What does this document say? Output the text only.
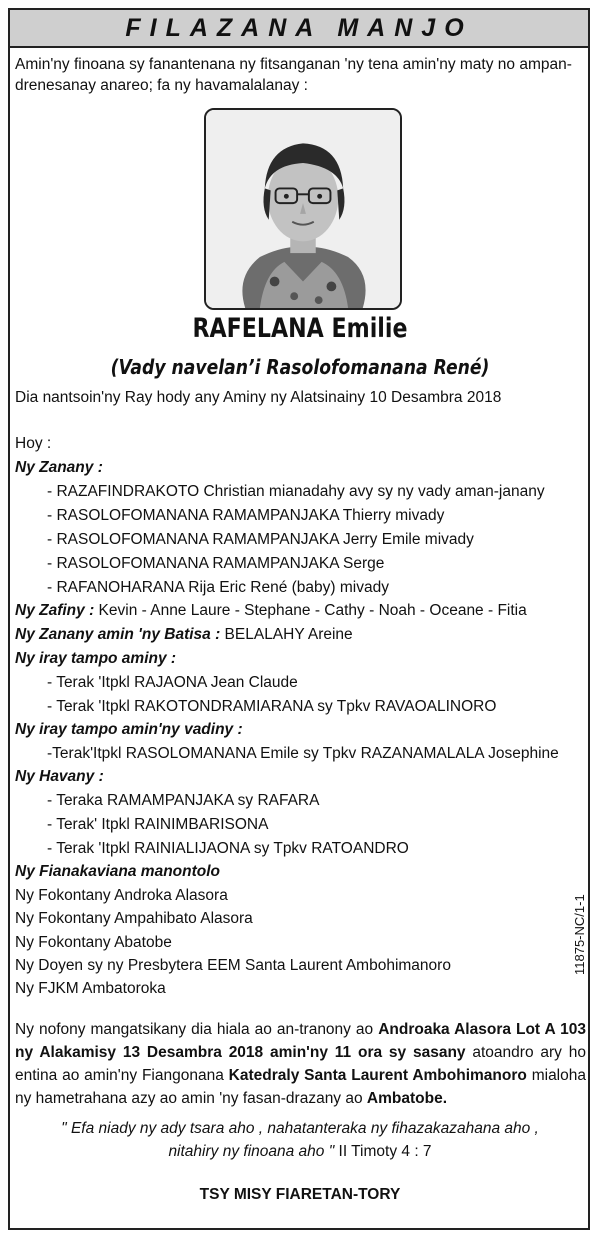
FILAZANA MANJO
Amin'ny finoana sy fanantenana ny fitsanganan 'ny tena amin'ny maty no ampan-drenesanay anareo; fa ny havamalalanay :
RAFELANA Emilie
(Vady navelan’i Rasolofomanana René)
Dia nantsoin'ny Ray hody any Aminy ny Alatsinainy 10 Desambra 2018
Hoy :
Ny Zanany :
- RAZAFINDRAKOTO Christian mianadahy avy sy ny vady aman-janany
- RASOLOFOMANANA RAMAMPANJAKA Thierry mivady
- RASOLOFOMANANA RAMAMPANJAKA Jerry Emile mivady
- RASOLOFOMANANA RAMAMPANJAKA Serge
- RAFANOHARANA Rija Eric René (baby) mivady
Ny Zafiny : Kevin - Anne Laure - Stephane - Cathy - Noah - Oceane - Fitia
Ny Zanany amin 'ny Batisa : BELALAHY Areine
Ny iray tampo aminy :
- Terak 'Itpkl RAJAONA Jean Claude
- Terak 'Itpkl RAKOTONDRAMIARANA sy Tpkv RAVAOALINORO
Ny iray tampo amin'ny vadiny :
-Terak'Itpkl RASOLOMANANA Emile sy Tpkv RAZANAMALALA Josephine
Ny Havany :
- Teraka RAMAMPANJAKA sy RAFARA
- Terak' Itpkl RAINIMBARISONA
- Terak 'Itpkl RAINIALIJAONA sy Tpkv RATOANDRO
Ny Fianakaviana manontolo
Ny Fokontany Androka Alasora
Ny Fokontany Ampahibato Alasora
Ny Fokontany Abatobe
Ny Doyen sy ny Presbytera EEM Santa Laurent Ambohimanoro
Ny FJKM Ambatoroka
11875-NC/1-1
Ny nofony mangatsikany dia hiala ao an-tranony ao Androaka Alasora Lot A 103 ny Alakamisy 13 Desambra 2018 amin'ny 11 ora sy sasany atoandro ary ho entina ao amin'ny Fiangonana Katedraly Santa Laurent Ambohimanoro mialoha ny hametrahana azy ao amin 'ny fasan-drazany ao Ambatobe.
" Efa niady ny ady tsara aho , nahatanteraka ny fihazakazahana aho ,
nitahiry ny finoana aho " II Timoty 4 : 7
TSY MISY FIARETAN-TORY
